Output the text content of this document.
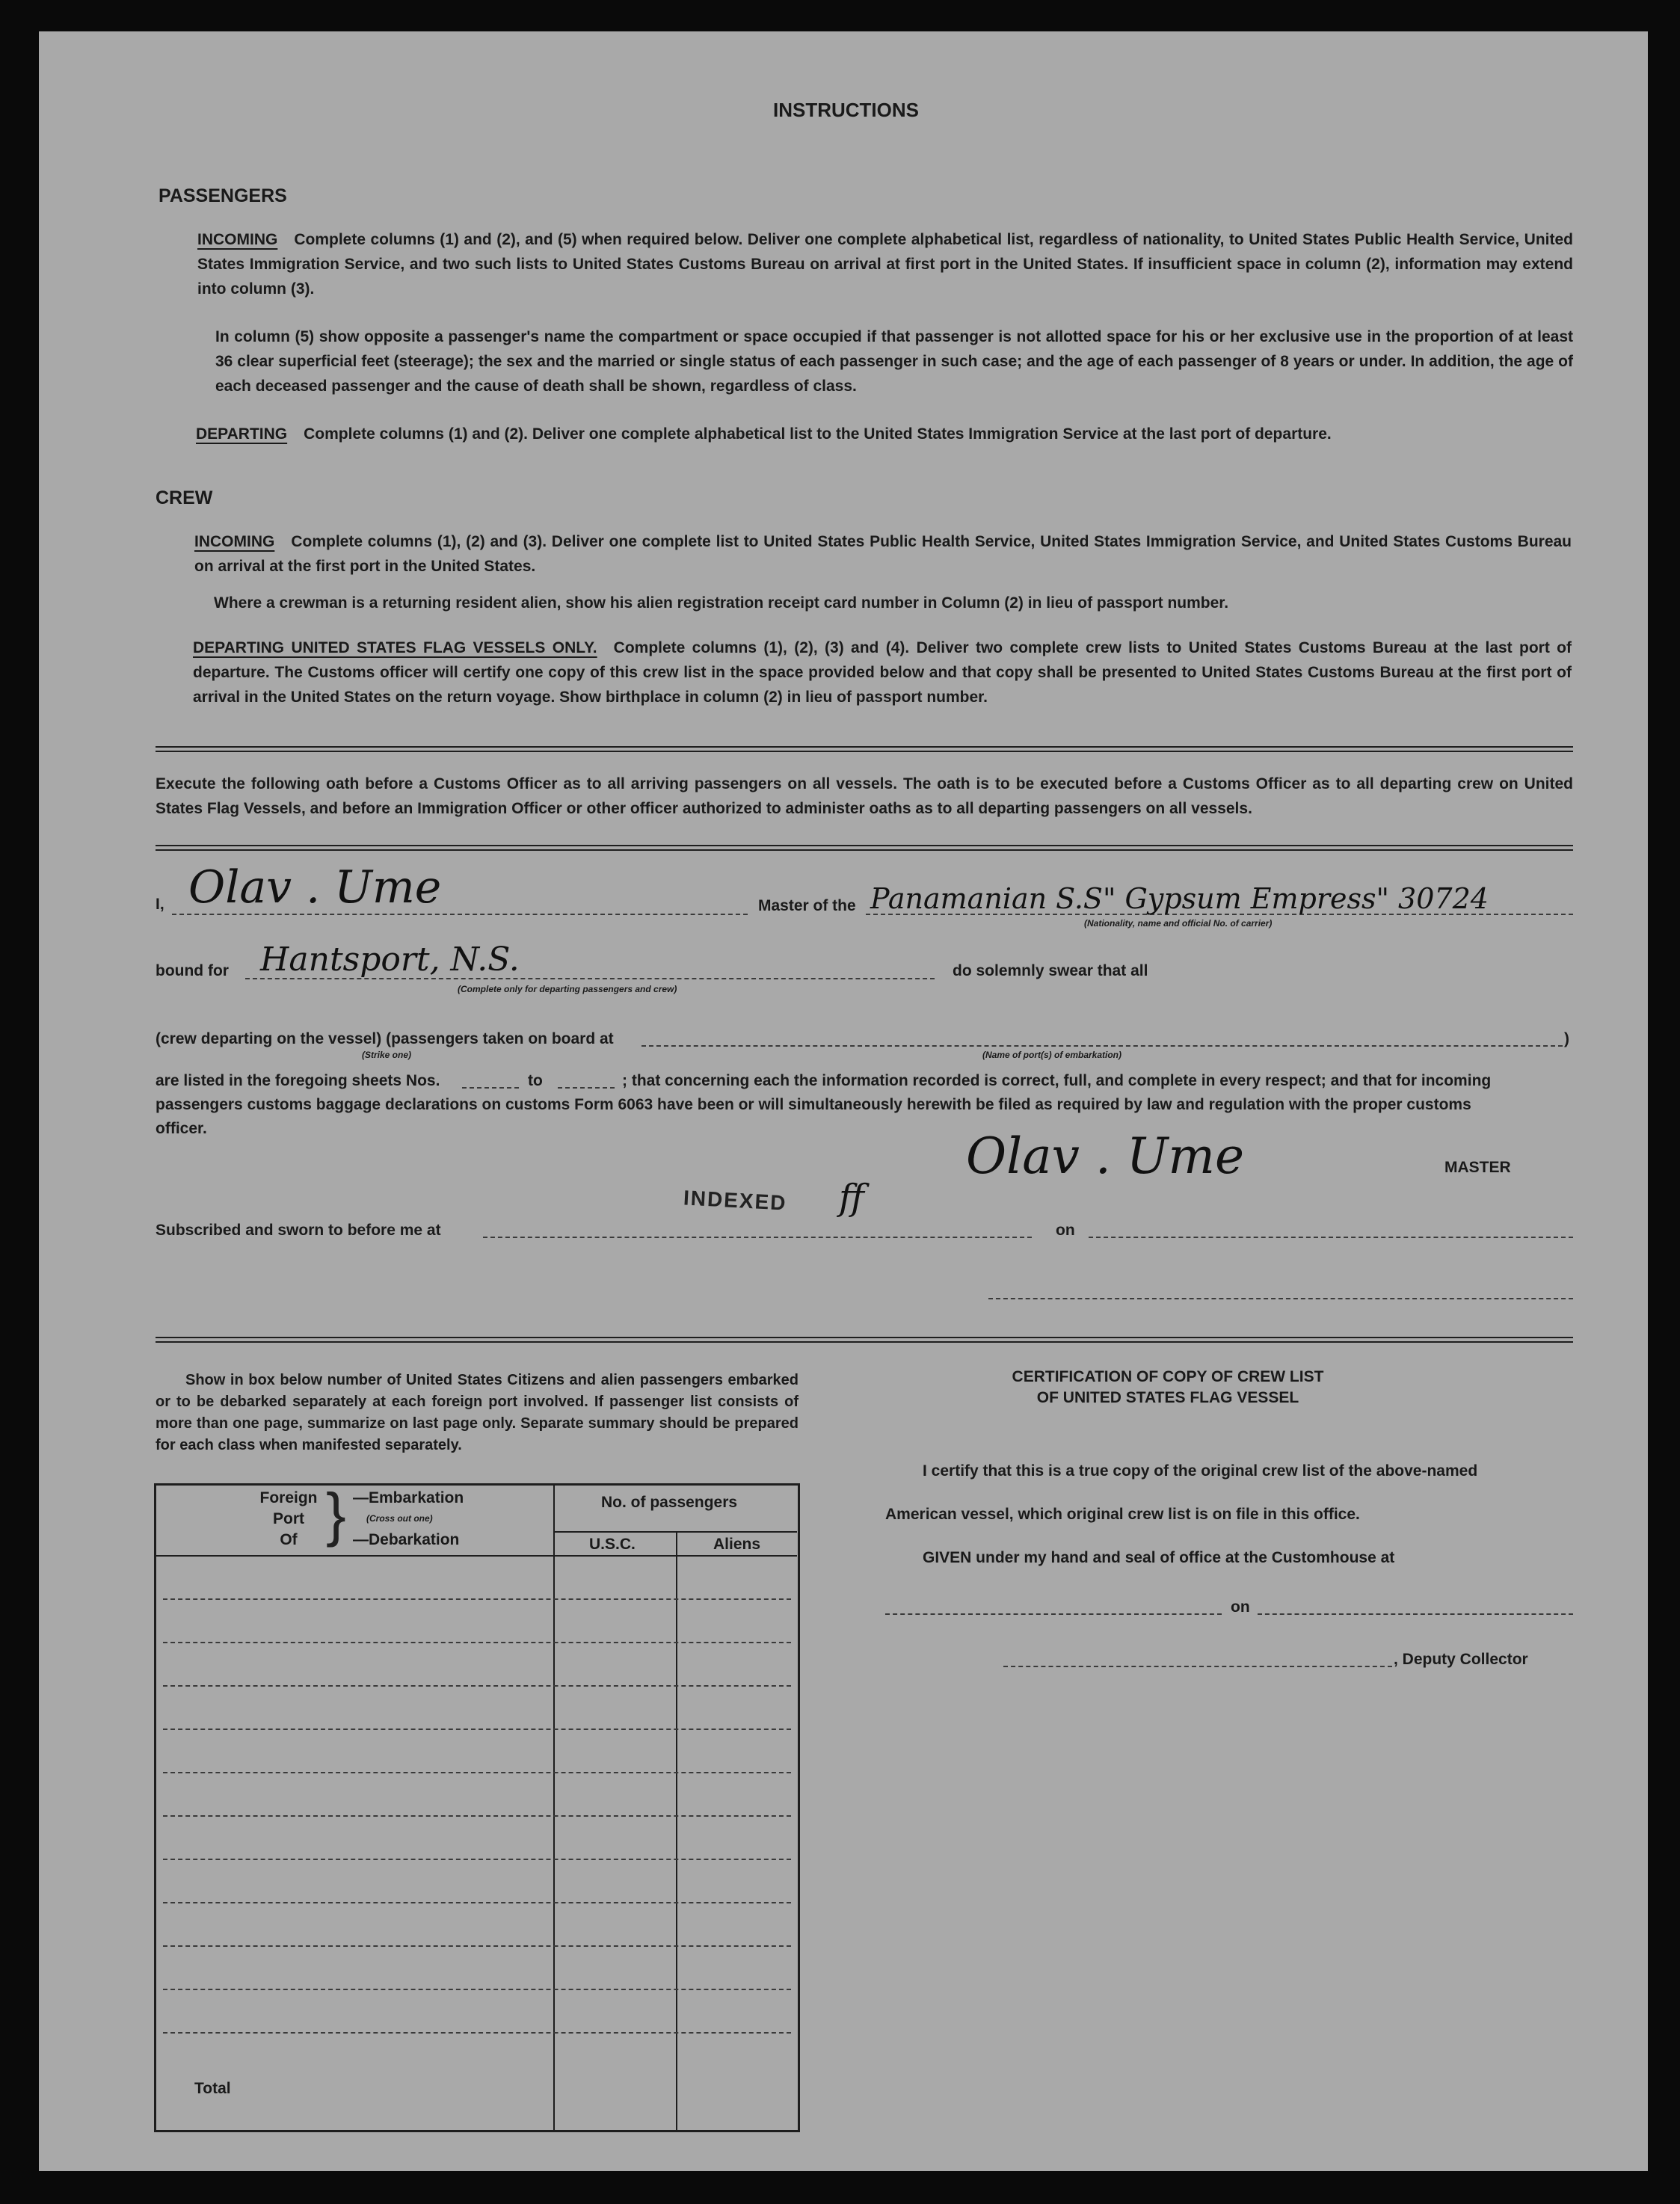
INSTRUCTIONS
PASSENGERS
INCOMING Complete columns (1) and (2), and (5) when required below. Deliver one complete alphabetical list, regardless of nationality, to United States Public Health Service, United States Immigration Service, and two such lists to United States Customs Bureau on arrival at first port in the United States. If insufficient space in column (2), information may extend into column (3).
In column (5) show opposite a passenger's name the compartment or space occupied if that passenger is not allotted space for his or her exclusive use in the proportion of at least 36 clear superficial feet (steerage); the sex and the married or single status of each passenger in such case; and the age of each passenger of 8 years or under. In addition, the age of each deceased passenger and the cause of death shall be shown, regardless of class.
DEPARTING Complete columns (1) and (2). Deliver one complete alphabetical list to the United States Immigration Service at the last port of departure.
CREW
INCOMING Complete columns (1), (2) and (3). Deliver one complete list to United States Public Health Service, United States Immigration Service, and United States Customs Bureau on arrival at the first port in the United States.
Where a crewman is a returning resident alien, show his alien registration receipt card number in Column (2) in lieu of passport number.
DEPARTING UNITED STATES FLAG VESSELS ONLY. Complete columns (1), (2), (3) and (4). Deliver two complete crew lists to United States Customs Bureau at the last port of departure. The Customs officer will certify one copy of this crew list in the space provided below and that copy shall be presented to United States Customs Bureau at the first port of arrival in the United States on the return voyage. Show birthplace in column (2) in lieu of passport number.
Execute the following oath before a Customs Officer as to all arriving passengers on all vessels. The oath is to be executed before a Customs Officer as to all departing crew on United States Flag Vessels, and before an Immigration Officer or other officer authorized to administer oaths as to all departing passengers on all vessels.
I, Olav . Ume	Master of the Panamanian S.S" Gypsum Empress" 30724
(Nationality, name and official No. of carrier)
bound for Hantsport, N.S.
(Complete only for departing passengers and crew)
do solemnly swear that all
(crew departing on the vessel) (passengers taken on board at	)
(Strike one)	(Name of port(s) of embarkation)
are listed in the foregoing sheets Nos.	to	; that concerning each the information recorded is correct, full, and complete in every respect; and that for incoming
passengers customs baggage declarations on customs Form 6063 have been or will simultaneously herewith be filed as required by law and regulation with the proper customs
officer.	Olav . Ume	MASTER
INDEXED ff
Subscribed and sworn to before me at	on
Show in box below number of United States Citizens and alien passengers embarked or to be debarked separately at each foreign port involved. If passenger list consists of more than one page, summarize on last page only. Separate summary should be prepared for each class when manifested separately.
Foreign
Port
Of } —Embarkation
(Cross out one)
—Debarkation
No. of passengers
U.S.C.	Aliens
Total
CERTIFICATION OF COPY OF CREW LIST
OF UNITED STATES FLAG VESSEL
I certify that this is a true copy of the original crew list of the above-named
American vessel, which original crew list is on file in this office.
GIVEN under my hand and seal of office at the Customhouse at
on
, Deputy Collector
